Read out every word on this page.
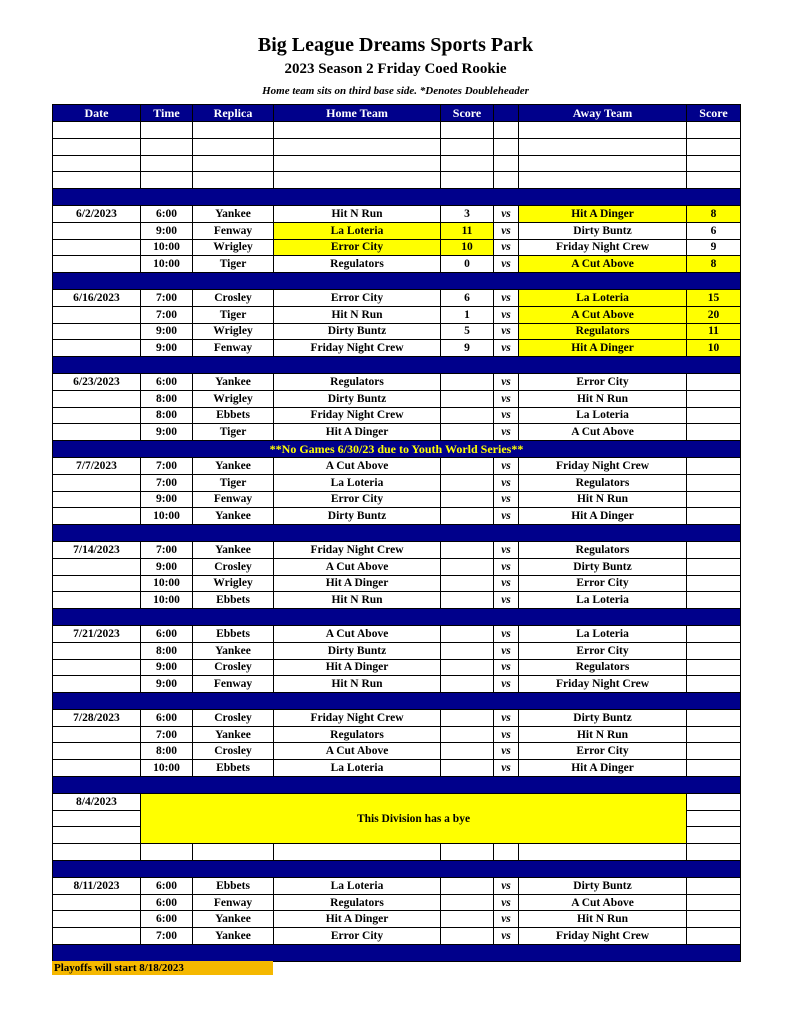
Big League Dreams Sports Park
2023 Season 2 Friday Coed Rookie
Home team sits on third base side. *Denotes Doubleheader
Date	Time	Replica	Home Team	Score		Away Team	Score

6/2/2023	6:00	Yankee	Hit N Run	3	vs	Hit A Dinger	8
	9:00	Fenway	La Loteria	11	vs	Dirty Buntz	6
	10:00	Wrigley	Error City	10	vs	Friday Night Crew	9
	10:00	Tiger	Regulators	0	vs	A Cut Above	8

6/16/2023	7:00	Crosley	Error City	6	vs	La Loteria	15
	7:00	Tiger	Hit N Run	1	vs	A Cut Above	20
	9:00	Wrigley	Dirty Buntz	5	vs	Regulators	11
	9:00	Fenway	Friday Night Crew	9	vs	Hit A Dinger	10

6/23/2023	6:00	Yankee	Regulators		vs	Error City	
	8:00	Wrigley	Dirty Buntz		vs	Hit N Run	
	8:00	Ebbets	Friday Night Crew		vs	La Loteria	
	9:00	Tiger	Hit A Dinger		vs	A Cut Above	
**No Games 6/30/23 due to Youth World Series**							
7/7/2023	7:00	Yankee	A Cut Above		vs	Friday Night Crew	
	7:00	Tiger	La Loteria		vs	Regulators	
	9:00	Fenway	Error City		vs	Hit N Run	
	10:00	Yankee	Dirty Buntz		vs	Hit A Dinger	

7/14/2023	7:00	Yankee	Friday Night Crew		vs	Regulators	
	9:00	Crosley	A Cut Above		vs	Dirty Buntz	
	10:00	Wrigley	Hit A Dinger		vs	Error City	
	10:00	Ebbets	Hit N Run		vs	La Loteria	

7/21/2023	6:00	Ebbets	A Cut Above		vs	La Loteria	
	8:00	Yankee	Dirty Buntz		vs	Error City	
	9:00	Crosley	Hit A Dinger		vs	Regulators	
	9:00	Fenway	Hit N Run		vs	Friday Night Crew	

7/28/2023	6:00	Crosley	Friday Night Crew		vs	Dirty Buntz	
	7:00	Yankee	Regulators		vs	Hit N Run	
	8:00	Crosley	A Cut Above		vs	Error City	
	10:00	Ebbets	La Loteria		vs	Hit A Dinger	

8/4/2023	This Division has a bye						

8/11/2023	6:00	Ebbets	La Loteria		vs	Dirty Buntz	
	6:00	Fenway	Regulators		vs	A Cut Above	
	6:00	Yankee	Hit A Dinger		vs	Hit N Run	
	7:00	Yankee	Error City		vs	Friday Night Crew	

Playoffs will start 8/18/2023
